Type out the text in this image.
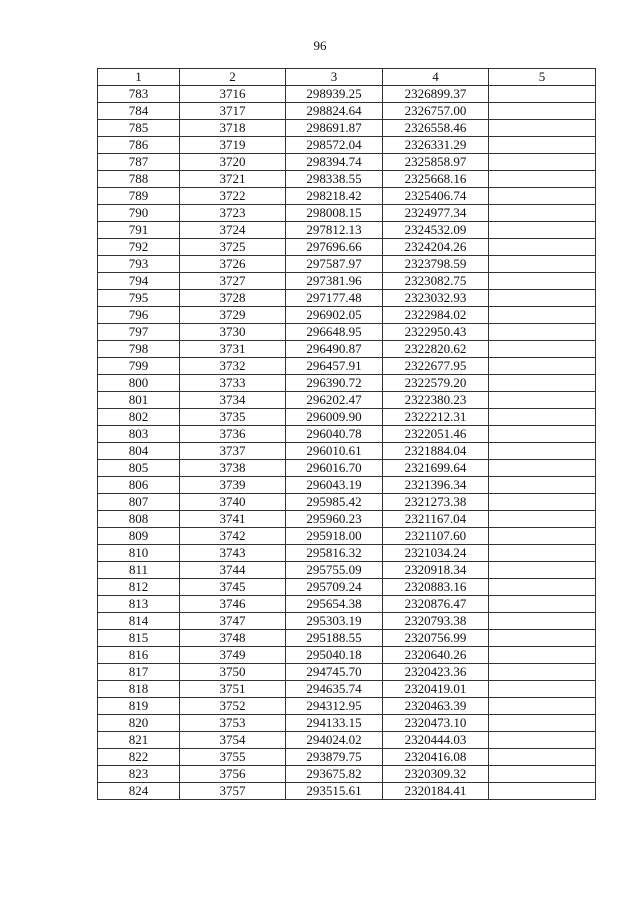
96
1	2	3	4	5
783	3716	298939.25	2326899.37	
784	3717	298824.64	2326757.00	
785	3718	298691.87	2326558.46	
786	3719	298572.04	2326331.29	
787	3720	298394.74	2325858.97	
788	3721	298338.55	2325668.16	
789	3722	298218.42	2325406.74	
790	3723	298008.15	2324977.34	
791	3724	297812.13	2324532.09	
792	3725	297696.66	2324204.26	
793	3726	297587.97	2323798.59	
794	3727	297381.96	2323082.75	
795	3728	297177.48	2323032.93	
796	3729	296902.05	2322984.02	
797	3730	296648.95	2322950.43	
798	3731	296490.87	2322820.62	
799	3732	296457.91	2322677.95	
800	3733	296390.72	2322579.20	
801	3734	296202.47	2322380.23	
802	3735	296009.90	2322212.31	
803	3736	296040.78	2322051.46	
804	3737	296010.61	2321884.04	
805	3738	296016.70	2321699.64	
806	3739	296043.19	2321396.34	
807	3740	295985.42	2321273.38	
808	3741	295960.23	2321167.04	
809	3742	295918.00	2321107.60	
810	3743	295816.32	2321034.24	
811	3744	295755.09	2320918.34	
812	3745	295709.24	2320883.16	
813	3746	295654.38	2320876.47	
814	3747	295303.19	2320793.38	
815	3748	295188.55	2320756.99	
816	3749	295040.18	2320640.26	
817	3750	294745.70	2320423.36	
818	3751	294635.74	2320419.01	
819	3752	294312.95	2320463.39	
820	3753	294133.15	2320473.10	
821	3754	294024.02	2320444.03	
822	3755	293879.75	2320416.08	
823	3756	293675.82	2320309.32	
824	3757	293515.61	2320184.41	
